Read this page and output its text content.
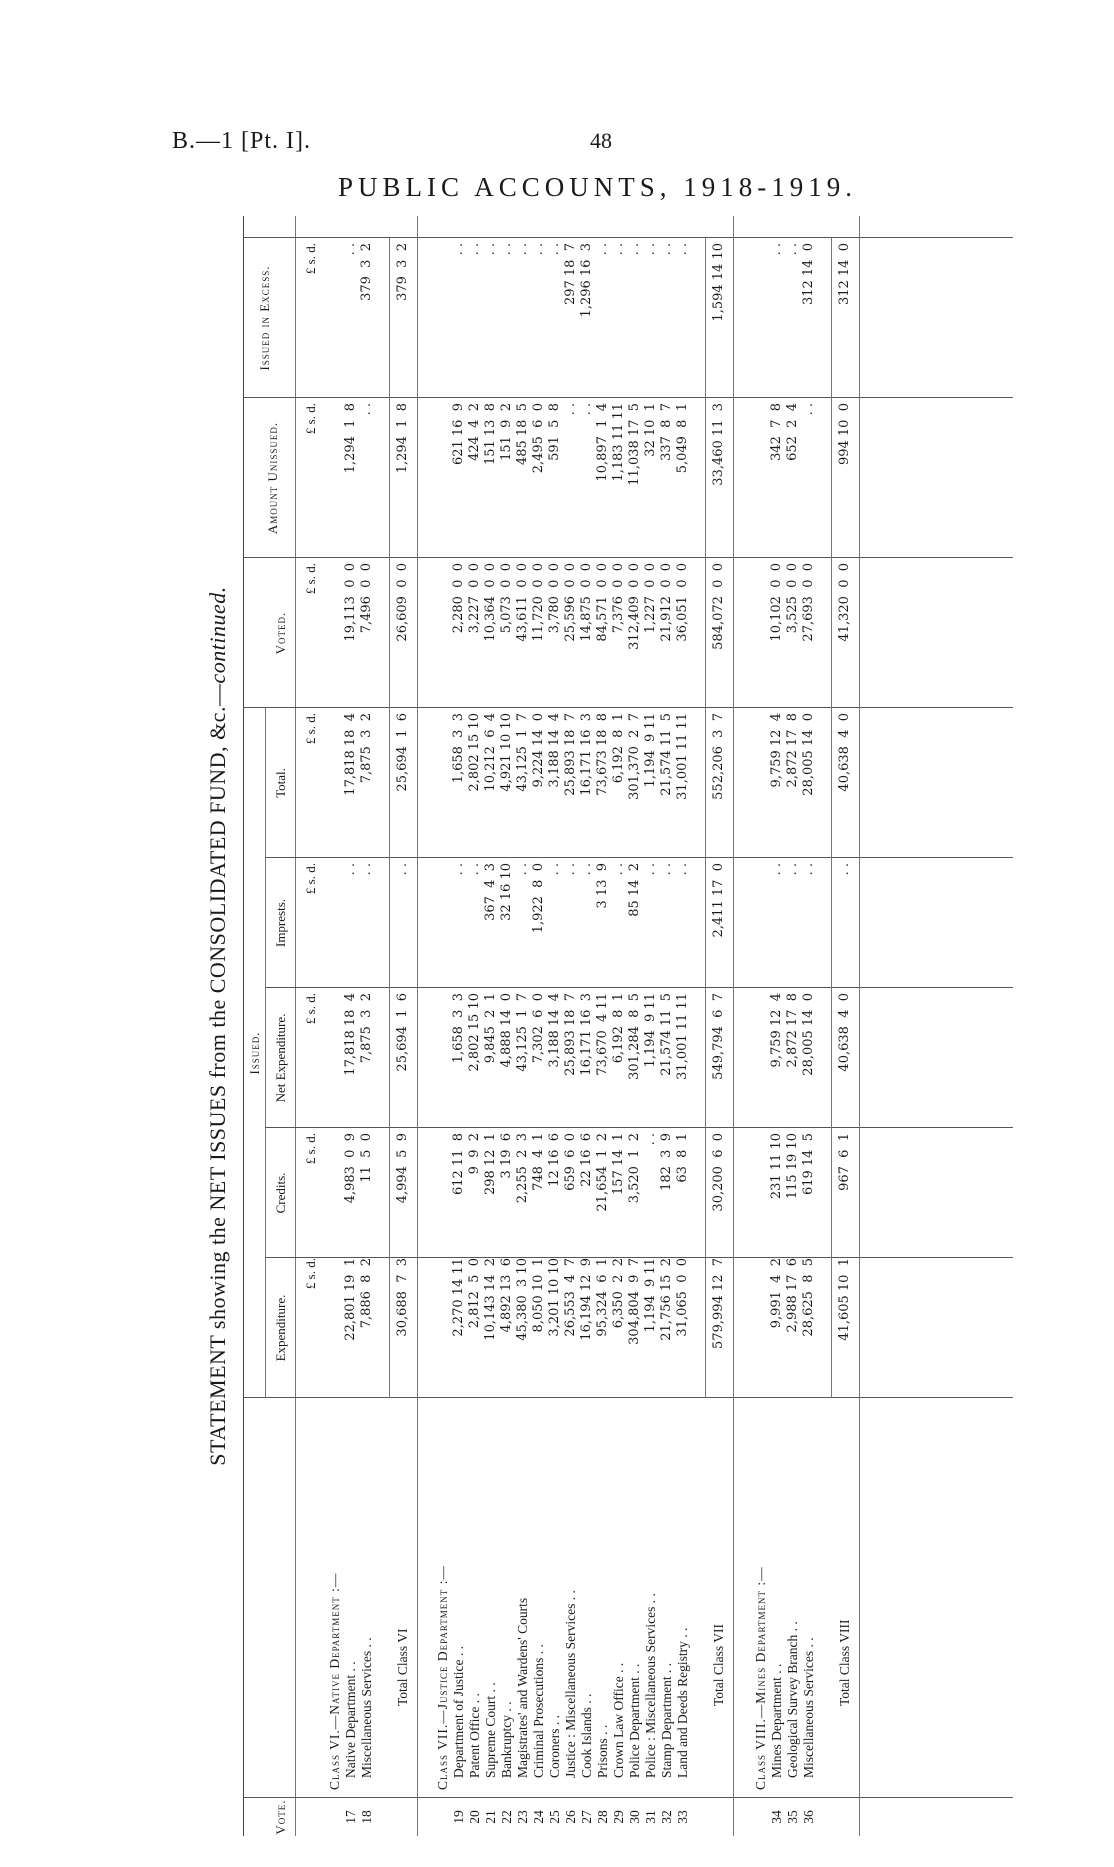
B.—1 [Pt. I].	48
PUBLIC ACCOUNTS, 1918-1919.
STATEMENT showing the NET ISSUES from the CONSOLIDATED FUND, &c.—continued.
Vote.
Issued.
Expenditure.
Credits.
Net Expenditure.
Imprests.
Total.
Voted.
Amount Unissued.
Issued in Excess.
£ s. d.
£ s. d.
£ s. d.
£ s. d.
£ s. d.
£ s. d.
£ s. d.
£ s. d.
Class VI.—Native Department :—
17
Native Department . .
22,801 19  1
4,983  0  9
17,818 18  4
. .
17,818 18  4
19,113  0  0
1,294  1  8
. .
18
Miscellaneous Services . .
7,886  8  2
11  5  0
7,875  3  2
. .
7,875  3  2
7,496  0  0
. .
379  3  2
Total Class VI
30,688  7  3
4,994  5  9
25,694  1  6
. .
25,694  1  6
26,609  0  0
1,294  1  8
379  3  2
Class VII.—Justice Department :—
19
Department of Justice . .
2,270 14 11
612 11  8
1,658  3  3
. .
1,658  3  3
2,280  0  0
621 16  9
. .
20
Patent Office . .
2,812  5  0
9  9  2
2,802 15 10
. .
2,802 15 10
3,227  0  0
424  4  2
. .
21
Supreme Court . .
10,143 14  2
298 12  1
9,845  2  1
367  4  3
10,212  6  4
10,364  0  0
151 13  8
. .
22
Bankruptcy . .
4,892 13  6
3 19  6
4,888 14  0
32 16 10
4,921 10 10
5,073  0  0
151  9  2
. .
23
Magistrates' and Wardens' Courts
45,380  3 10
2,255  2  3
43,125  1  7
. .
43,125  1  7
43,611  0  0
485 18  5
. .
24
Criminal Prosecutions . .
8,050 10  1
748  4  1
7,302  6  0
1,922  8  0
9,224 14  0
11,720  0  0
2,495  6  0
. .
25
Coroners . .
3,201 10 10
12 16  6
3,188 14  4
. .
3,188 14  4
3,780  0  0
591  5  8
. .
26
Justice : Miscellaneous Services . .
26,553  4  7
659  6  0
25,893 18  7
. .
25,893 18  7
25,596  0  0
. .
297 18  7
27
Cook Islands . .
16,194 12  9
22 16  6
16,171 16  3
. .
16,171 16  3
14,875  0  0
. .
1,296 16  3
28
Prisons . .
95,324  6  1
21,654  1  2
73,670  4 11
3 13  9
73,673 18  8
84,571  0  0
10,897  1  4
. .
29
Crown Law Office . .
6,350  2  2
157 14  1
6,192  8  1
. .
6,192  8  1
7,376  0  0
1,183 11 11
. .
30
Police Department . .
304,804  9  7
3,520  1  2
301,284  8  5
85 14  2
301,370  2  7
312,409  0  0
11,038 17  5
. .
31
Police : Miscellaneous Services . .
1,194  9 11
. .
1,194  9 11
. .
1,194  9 11
1,227  0  0
32 10  1
. .
32
Stamp Department . .
21,756 15  2
182  3  9
21,574 11  5
. .
21,574 11  5
21,912  0  0
337  8  7
. .
33
Land and Deeds Registry . .
31,065  0  0
63  8  1
31,001 11 11
. .
31,001 11 11
36,051  0  0
5,049  8  1
. .
Total Class VII
579,994 12  7
30,200  6  0
549,794  6  7
2,411 17  0
552,206  3  7
584,072  0  0
33,460 11  3
1,594 14 10
Class VIII.—Mines Department :—
34
Mines Department . .
9,991  4  2
231 11 10
9,759 12  4
. .
9,759 12  4
10,102  0  0
342  7  8
. .
35
Geological Survey Branch . .
2,988 17  6
115 19 10
2,872 17  8
. .
2,872 17  8
3,525  0  0
652  2  4
. .
36
Miscellaneous Services . .
28,625  8  5
619 14  5
28,005 14  0
. .
28,005 14  0
27,693  0  0
. .
312 14  0
Total Class VIII
41,605 10  1
967  6  1
40,638  4  0
. .
40,638  4  0
41,320  0  0
994 10  0
312 14  0
